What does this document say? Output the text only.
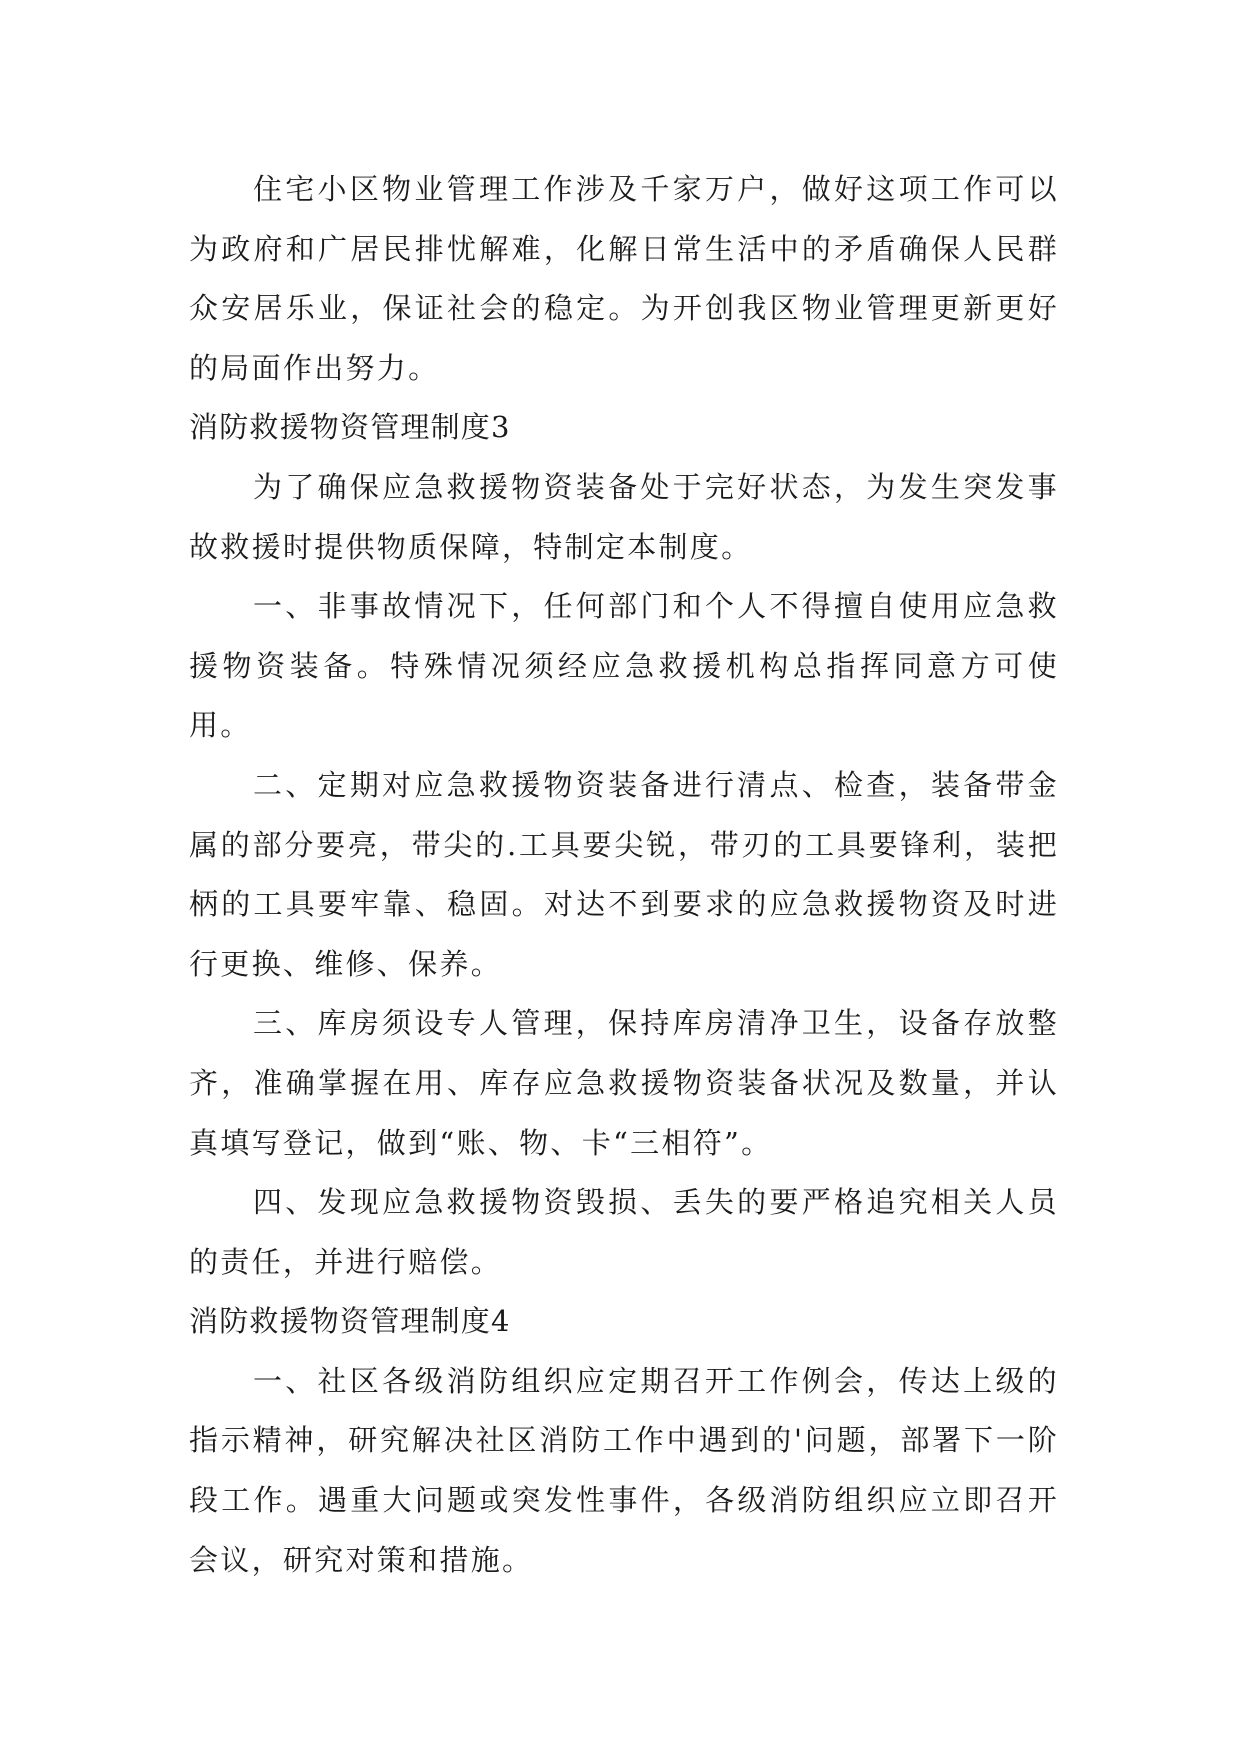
住宅小区物业管理工作涉及千家万户，做好这项工作可以为政府和广居民排忧解难，化解日常生活中的矛盾确保人民群众安居乐业，保证社会的稳定。为开创我区物业管理更新更好的局面作出努力。

消防救援物资管理制度3

为了确保应急救援物资装备处于完好状态，为发生突发事故救援时提供物质保障，特制定本制度。

一、非事故情况下，任何部门和个人不得擅自使用应急救援物资装备。特殊情况须经应急救援机构总指挥同意方可使用。

二、定期对应急救援物资装备进行清点、检查，装备带金属的部分要亮，带尖的.工具要尖锐，带刃的工具要锋利，装把柄的工具要牢靠、稳固。对达不到要求的应急救援物资及时进行更换、维修、保养。

三、库房须设专人管理，保持库房清净卫生，设备存放整齐，准确掌握在用、库存应急救援物资装备状况及数量，并认真填写登记，做到“账、物、卡“三相符”。

四、发现应急救援物资毁损、丢失的要严格追究相关人员的责任，并进行赔偿。

消防救援物资管理制度4

一、社区各级消防组织应定期召开工作例会，传达上级的指示精神，研究解决社区消防工作中遇到的'问题，部署下一阶段工作。遇重大问题或突发性事件，各级消防组织应立即召开会议，研究对策和措施。
